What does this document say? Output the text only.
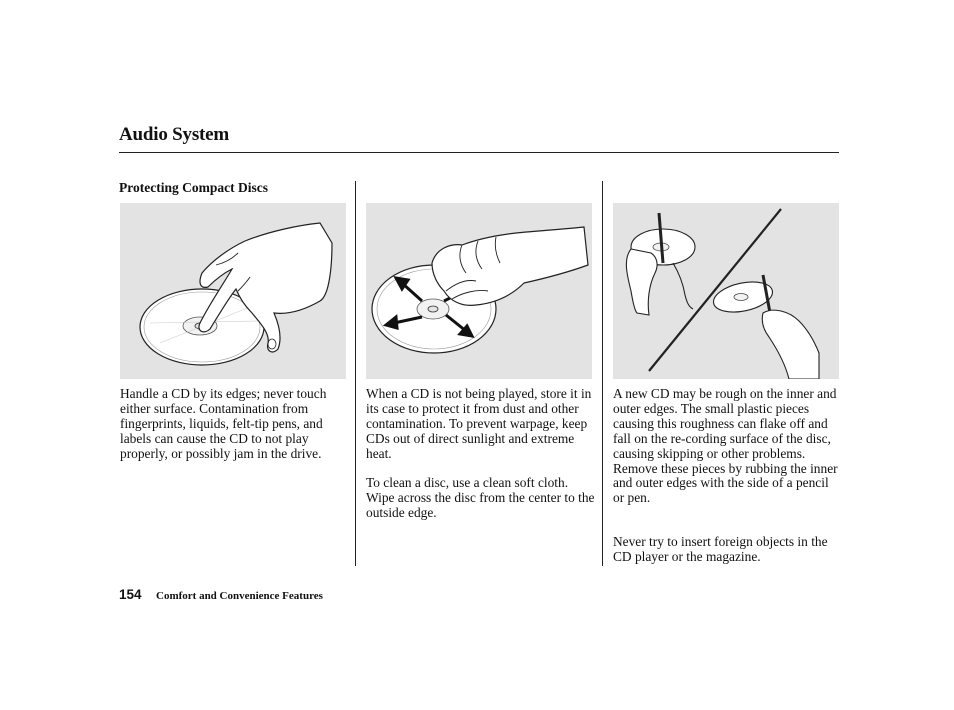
Audio System
Protecting Compact Discs
Handle a CD by its edges; never touch either surface. Contamination from fingerprints, liquids, felt-tip pens, and labels can cause the CD to not play properly, or possibly jam in the drive.
When a CD is not being played, store it in its case to protect it from dust and other contamination. To prevent warpage, keep CDs out of direct sunlight and extreme heat.
To clean a disc, use a clean soft cloth. Wipe across the disc from the center to the outside edge.
A new CD may be rough on the inner and outer edges. The small plastic pieces causing this roughness can flake off and fall on the re-cording surface of the disc, causing skipping or other problems. Remove these pieces by rubbing the inner and outer edges with the side of a pencil or pen.
Never try to insert foreign objects in the CD player or the magazine.
154 Comfort and Convenience Features
